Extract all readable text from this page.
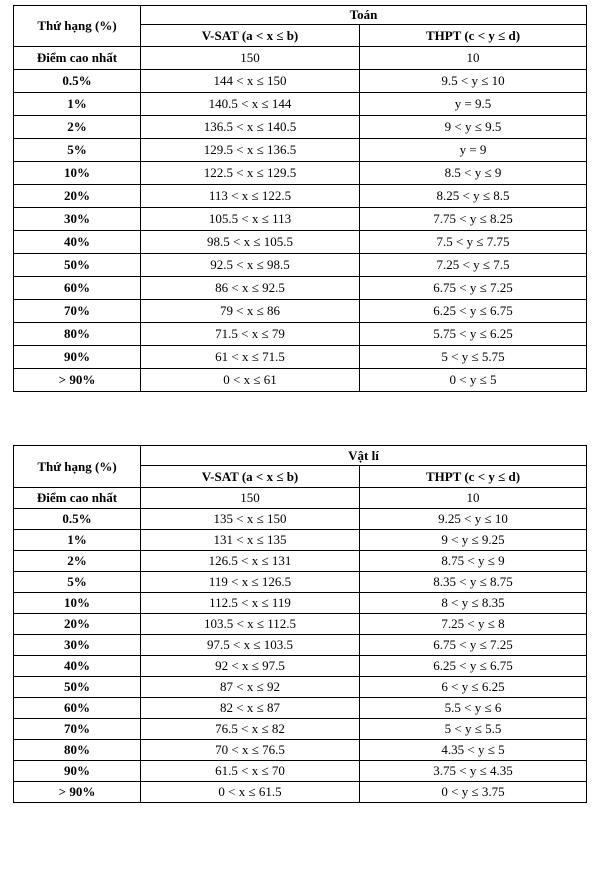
Thứ hạng (%)	Toán	
	V-SAT (a < x ≤ b)	THPT (c < y ≤ d)
Điểm cao nhất	150	10
0.5%	144 < x ≤ 150	9.5 < y ≤ 10
1%	140.5 < x ≤ 144	y = 9.5
2%	136.5 < x ≤ 140.5	9 < y ≤ 9.5
5%	129.5 < x ≤ 136.5	y = 9
10%	122.5 < x ≤ 129.5	8.5 < y ≤ 9
20%	113 < x ≤ 122.5	8.25 < y ≤ 8.5
30%	105.5 < x ≤ 113	7.75 < y ≤ 8.25
40%	98.5 < x ≤ 105.5	7.5 < y ≤ 7.75
50%	92.5 < x ≤ 98.5	7.25 < y ≤ 7.5
60%	86 < x ≤ 92.5	6.75 < y ≤ 7.25
70%	79 < x ≤ 86	6.25 < y ≤ 6.75
80%	71.5 < x ≤ 79	5.75 < y ≤ 6.25
90%	61 < x ≤ 71.5	5 < y ≤ 5.75
> 90%	0 < x ≤ 61	0 < y ≤ 5
Thứ hạng (%)	Vật lí	
	V-SAT (a < x ≤ b)	THPT (c < y ≤ d)
Điểm cao nhất	150	10
0.5%	135 < x ≤ 150	9.25 < y ≤ 10
1%	131 < x ≤ 135	9 < y ≤ 9.25
2%	126.5 < x ≤ 131	8.75 < y ≤ 9
5%	119 < x ≤ 126.5	8.35 < y ≤ 8.75
10%	112.5 < x ≤ 119	8 < y ≤ 8.35
20%	103.5 < x ≤ 112.5	7.25 < y ≤ 8
30%	97.5 < x ≤ 103.5	6.75 < y ≤ 7.25
40%	92 < x ≤ 97.5	6.25 < y ≤ 6.75
50%	87 < x ≤ 92	6 < y ≤ 6.25
60%	82 < x ≤ 87	5.5 < y ≤ 6
70%	76.5 < x ≤ 82	5 < y ≤ 5.5
80%	70 < x ≤ 76.5	4.35 < y ≤ 5
90%	61.5 < x ≤ 70	3.75 < y ≤ 4.35
> 90%	0 < x ≤ 61.5	0 < y ≤ 3.75
